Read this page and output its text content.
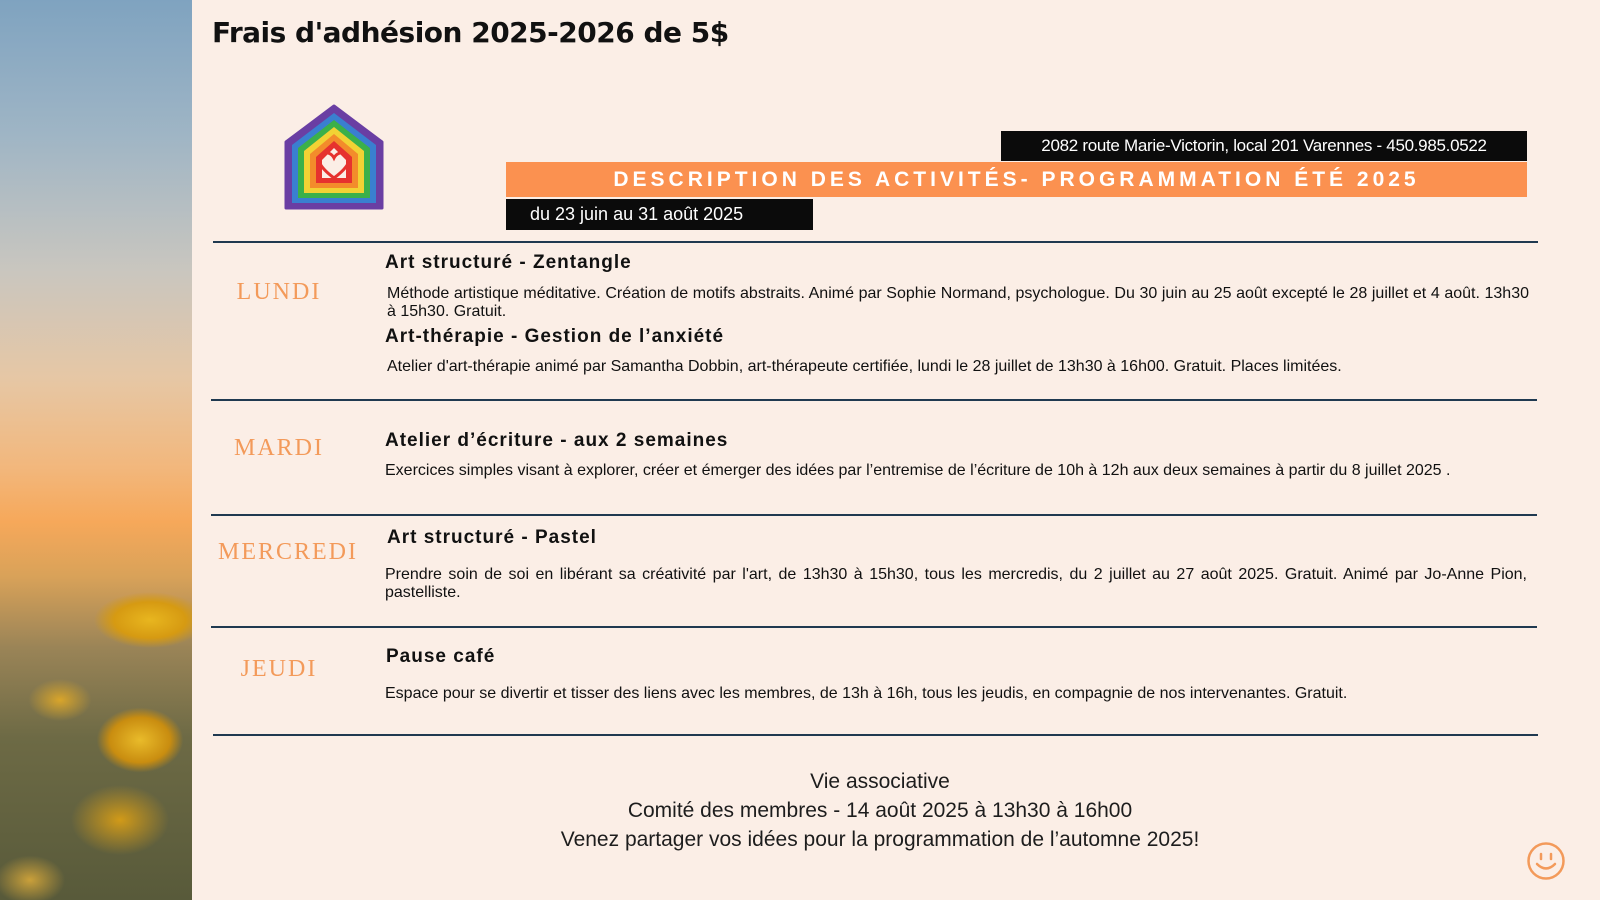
Frais d'adhésion 2025-2026 de 5$
2082 route Marie-Victorin, local 201 Varennes - 450.985.0522
DESCRIPTION DES ACTIVITÉS- PROGRAMMATION ÉTÉ 2025
du 23 juin au 31 août 2025
LUNDI
Art structuré - Zentangle
Méthode artistique méditative. Création de motifs abstraits. Animé par Sophie Normand, psychologue. Du 30 juin au 25 août excepté le 28 juillet et 4 août. 13h30 à 15h30. Gratuit.
Art-thérapie - Gestion de l’anxiété
Atelier d'art-thérapie animé par Samantha Dobbin, art-thérapeute certifiée, lundi le 28 juillet de 13h30 à 16h00. Gratuit. Places limitées.
MARDI	Atelier d’écriture - aux 2 semaines
Exercices simples visant à explorer, créer et émerger des idées par l’entremise de l’écriture de 10h à 12h aux deux semaines à partir du 8 juillet 2025 .
MERCREDI
Art structuré - Pastel
Prendre soin de soi en libérant sa créativité par l'art, de 13h30 à 15h30, tous les mercredis, du 2 juillet au 27 août 2025. Gratuit. Animé par Jo-Anne Pion, pastelliste.
JEUDI	Pause café
Espace pour se divertir et tisser des liens avec les membres, de 13h à 16h, tous les jeudis, en compagnie de nos intervenantes. Gratuit.
Vie associative
Comité des membres - 14 août 2025 à 13h30 à 16h00
Venez partager vos idées pour la programmation de l’automne 2025!
